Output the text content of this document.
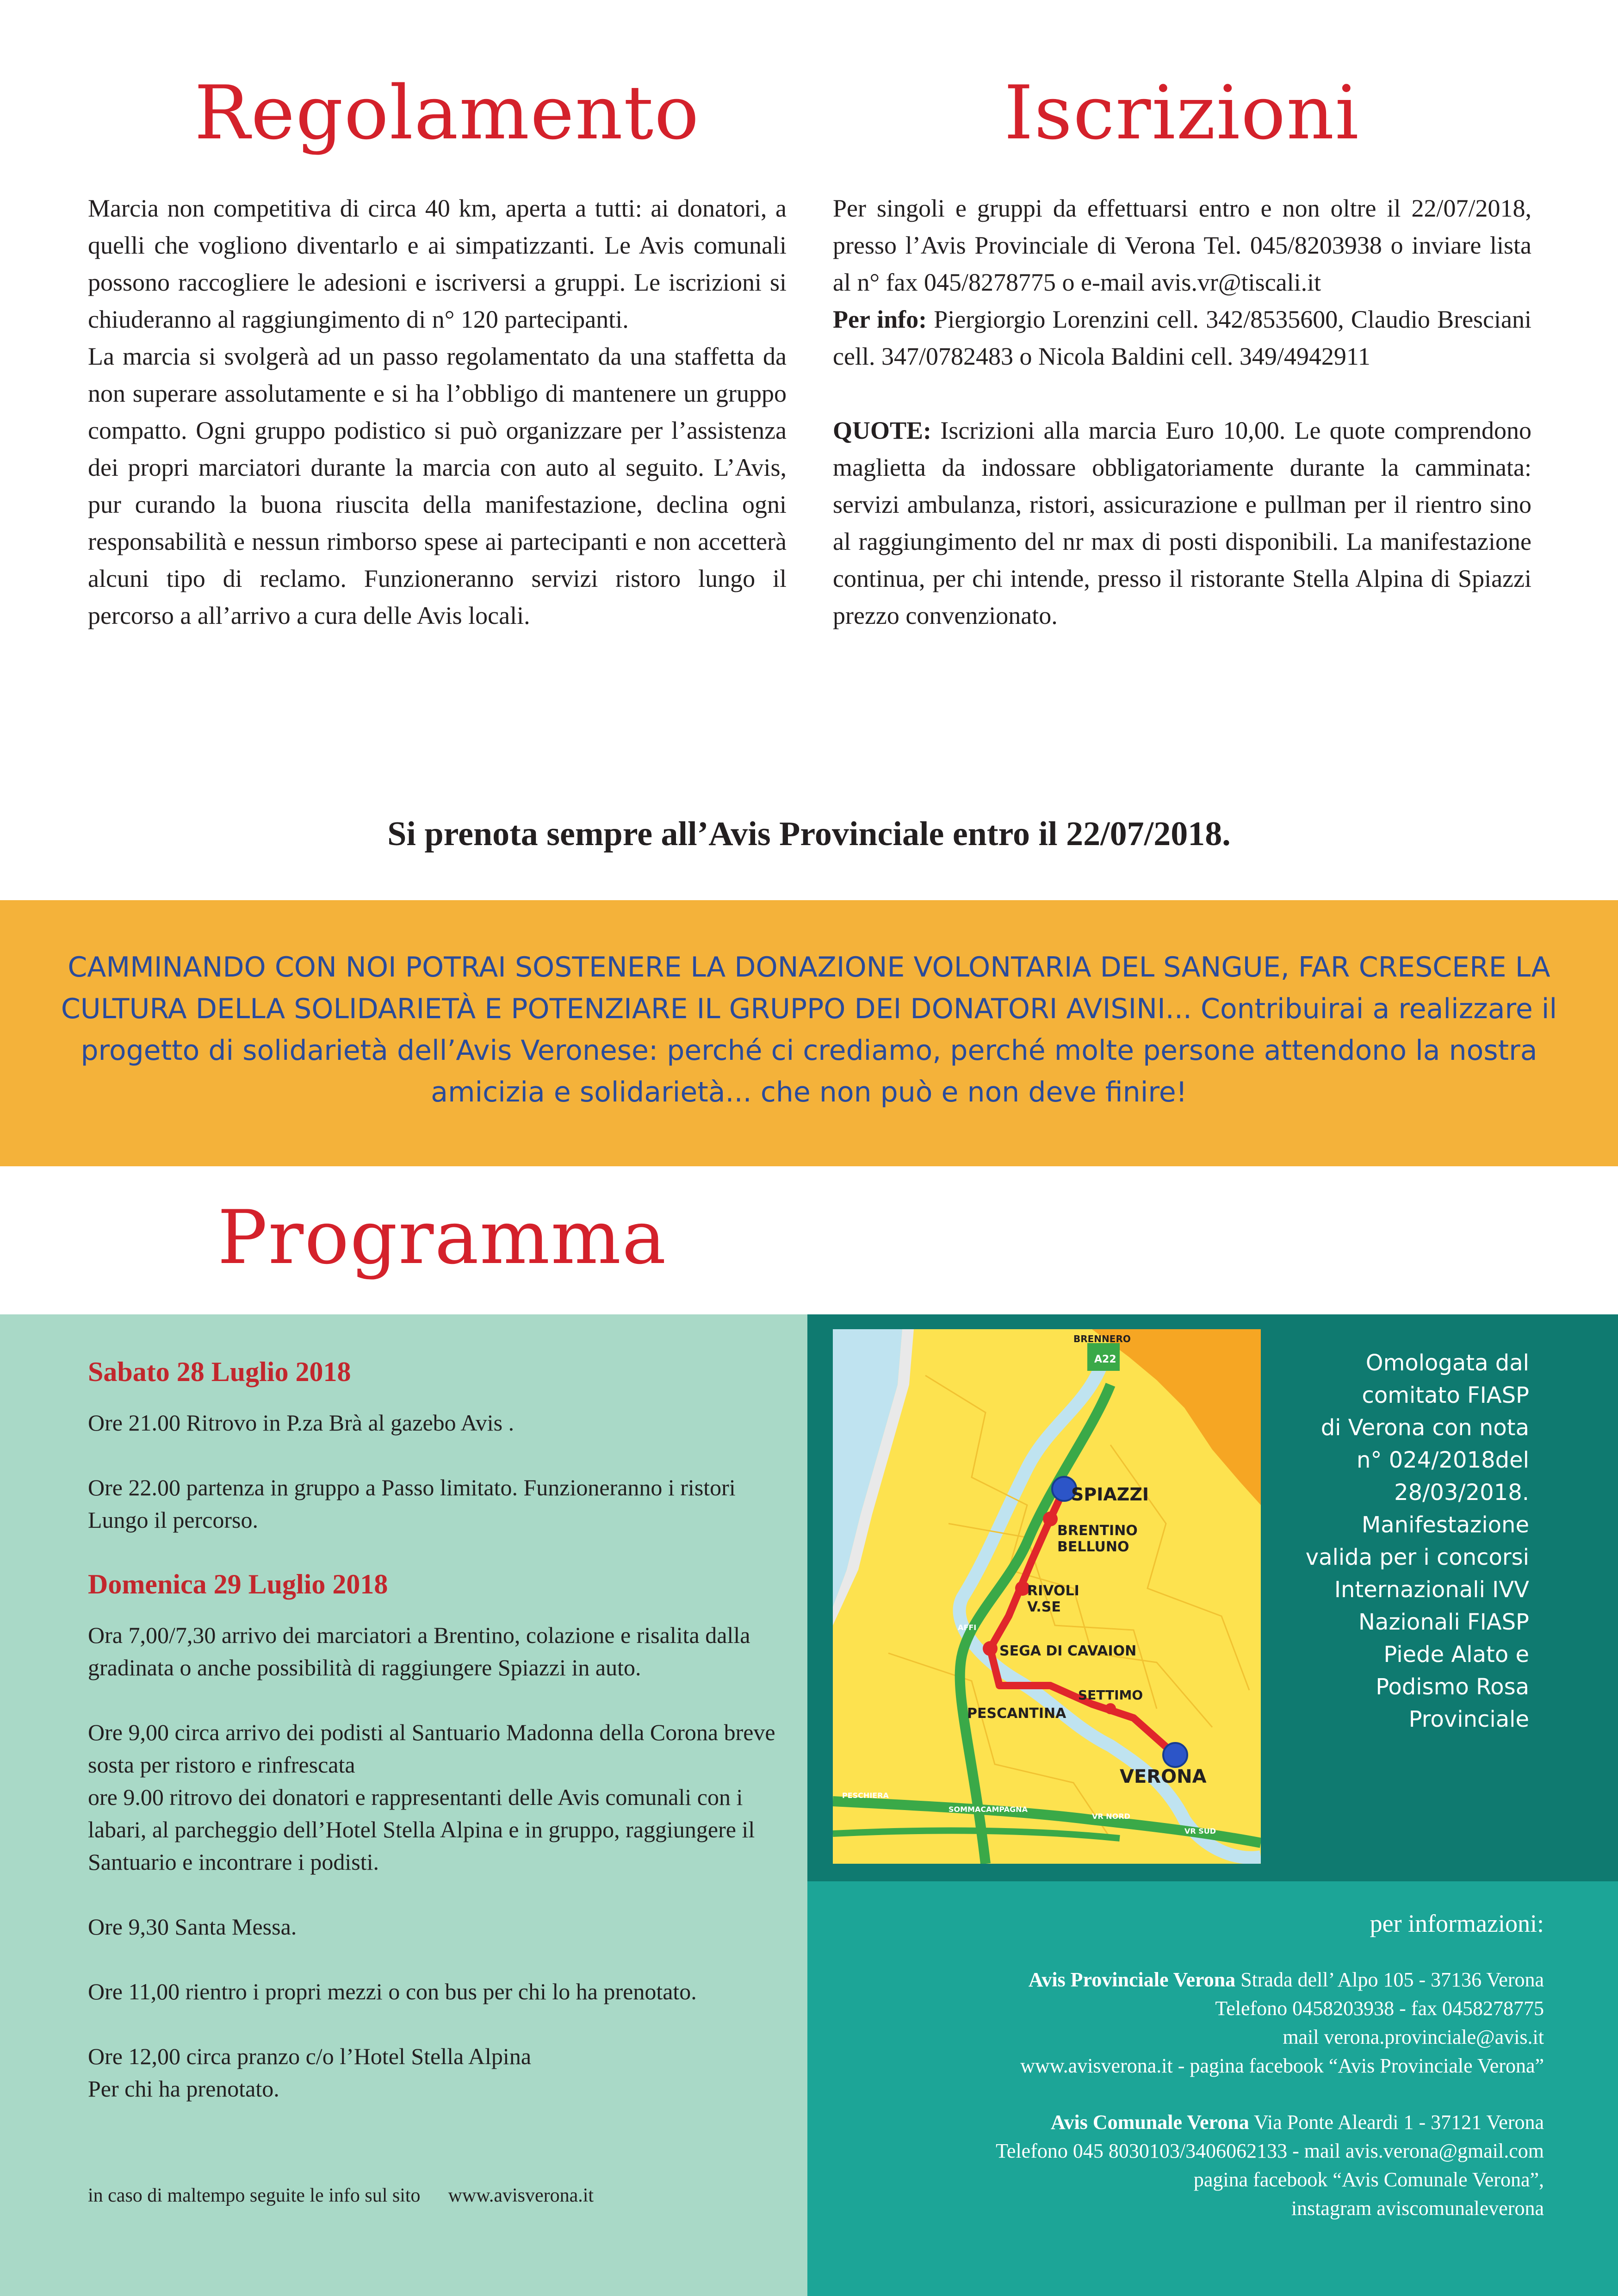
Regolamento

Marcia non competitiva di circa 40 km, aperta a tutti: ai donatori, a quelli che vogliono diventarlo e ai simpatizzanti. Le Avis comunali possono raccogliere le adesioni e iscriversi a gruppi. Le iscrizioni si chiuderanno al raggiungimento di n° 120 partecipanti.

La marcia si svolgerà ad un passo regolamentato da una staffetta da non superare assolutamente e si ha l’obbligo di mantenere un gruppo compatto. Ogni gruppo podistico si può organizzare per l’assistenza dei propri marciatori durante la marcia con auto al seguito. L’Avis, pur curando la buona riuscita della manifestazione, declina ogni responsabilità e nessun rimborso spese ai partecipanti e non accetterà alcuni tipo di reclamo. Funzioneranno servizi ristoro lungo il percorso a all’arrivo a cura delle Avis locali.

Iscrizioni

Per singoli e gruppi da effettuarsi entro e non oltre il 22/07/2018, presso l’Avis Provinciale di Verona Tel. 045/8203938 o inviare lista al n° fax 045/8278775 o e-mail avis.vr@tiscali.it

Per info: Piergiorgio Lorenzini cell. 342/8535600, Claudio Bresciani cell. 347/0782483 o Nicola Baldini cell. 349/4942911

QUOTE: Iscrizioni alla marcia Euro 10,00. Le quote comprendono maglietta da indossare obbligatoriamente durante la camminata: servizi ambulanza, ristori, assicurazione e pullman per il rientro sino al raggiungimento del nr max di posti disponibili. La manifestazione continua, per chi intende, presso il ristorante Stella Alpina di Spiazzi prezzo convenzionato.

Si prenota sempre all’Avis Provinciale entro il 22/07/2018.
CAMMINANDO CON NOI POTRAI SOSTENERE LA DONAZIONE VOLONTARIA DEL SANGUE, FAR CRESCERE LA CULTURA DELLA SOLIDARIETÀ E POTENZIARE IL GRUPPO DEI DONATORI AVISINI... Contribuirai a realizzare il progetto di solidarietà dell’Avis Veronese: perché ci crediamo, perché molte persone attendono la nostra amicizia e solidarietà... che non può e non deve finire!
Programma
Sabato 28 Luglio 2018
Ore 21.00 Ritrovo in P.za Brà al gazebo Avis .
Ore 22.00 partenza in gruppo a Passo limitato. Funzioneranno i ristori Lungo il percorso.
Domenica 29 Luglio 2018
Ora 7,00/7,30 arrivo dei marciatori a Brentino, colazione e risalita dalla gradinata o anche possibilità di raggiungere Spiazzi in auto.
Ore 9,00 circa arrivo dei podisti al Santuario Madonna della Corona breve sosta per ristoro e rinfrescata
ore 9.00 ritrovo dei donatori e rappresentanti delle Avis comunali con i labari, al parcheggio dell’Hotel Stella Alpina e in gruppo, raggiungere il Santuario e incontrare i podisti.
Ore 9,30 Santa Messa.
Ore 11,00 rientro i propri mezzi o con bus per chi lo ha prenotato.
Ore 12,00 circa pranzo c/o l’Hotel Stella Alpina
Per chi ha prenotato.
in caso di maltempo seguite le info sul sito www.avisverona.it
BRENNERO
A22
SPIAZZI
BRENTINO
BELLUNO
RIVOLI
V.SE
SEGA DI CAVAION
SETTIMO
PESCANTINA
VERONA
AFFI
PESCHIERA
SOMMACAMPAGNA
VR NORD
VR SUD
Omologata dal
comitato FIASP
di Verona con nota
n° 024/2018del
28/03/2018.
Manifestazione
valida per i concorsi
Internazionali IVV
Nazionali FIASP
Piede Alato e
Podismo Rosa
Provinciale
per informazioni:
Avis Provinciale Verona Strada dell’ Alpo 105 - 37136 Verona
Telefono 0458203938 - fax 0458278775
mail verona.provinciale@avis.it
www.avisverona.it - pagina facebook “Avis Provinciale Verona”
Avis Comunale Verona Via Ponte Aleardi 1 - 37121 Verona
Telefono 045 8030103/3406062133 - mail avis.verona@gmail.com
pagina facebook “Avis Comunale Verona”,
instagram aviscomunaleverona
